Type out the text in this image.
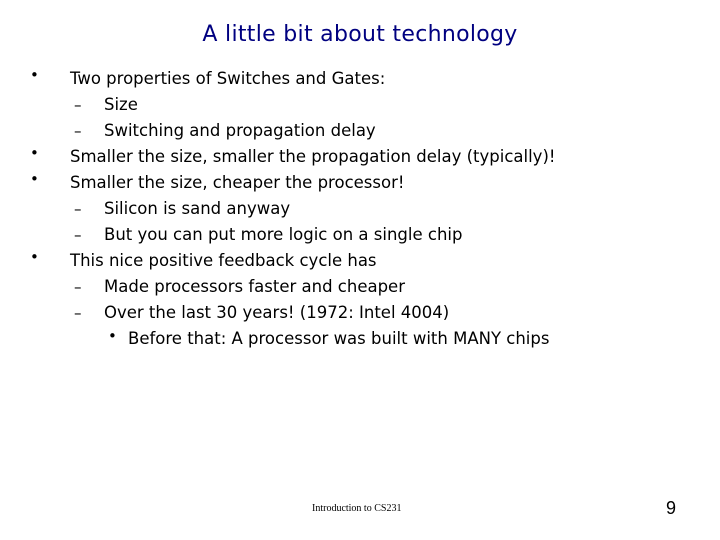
A little bit about technology
• Two properties of Switches and Gates:
– Size
– Switching and propagation delay
• Smaller the size, smaller the propagation delay (typically)!
• Smaller the size, cheaper the processor!
– Silicon is sand anyway
– But you can put more logic on a single chip
• This nice positive feedback cycle has
– Made processors faster and cheaper
– Over the last 30 years! (1972: Intel 4004)
• Before that: A processor was built with MANY chips
Introduction to CS231	9
